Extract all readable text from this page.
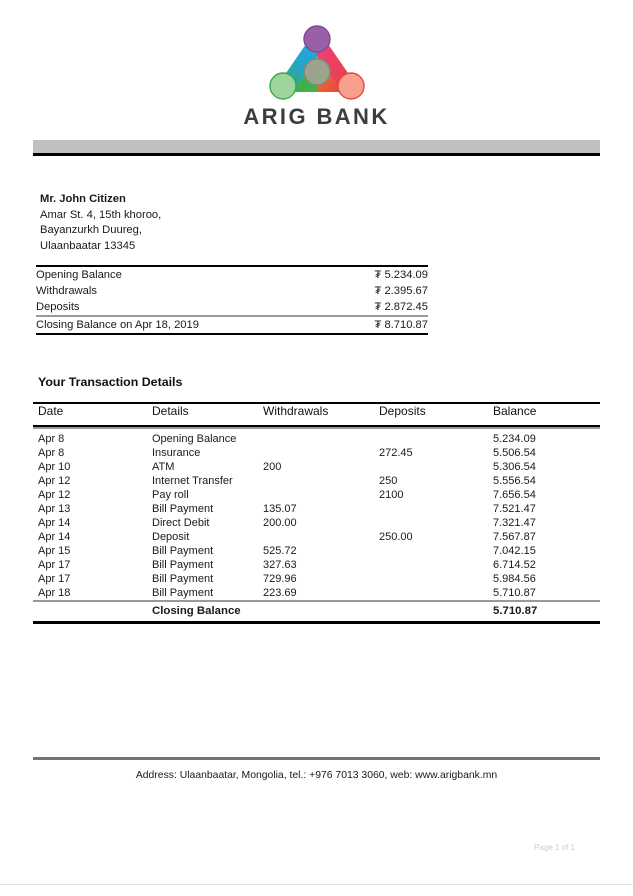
ARIG BANK
Mr. John Citizen
Amar St. 4, 15th khoroo,
Bayanzurkh Duureg,
Ulaanbaatar 13345
Opening Balance	₮ 5.234.09
Withdrawals	₮ 2.395.67
Deposits	₮ 2.872.45
Closing Balance on Apr 18, 2019	₮ 8.710.87
Your Transaction Details
Date	Details	Withdrawals	Deposits	Balance

Apr 8	Opening Balance			5.234.09
Apr 8	Insurance		272.45	5.506.54
Apr 10	ATM	200		5.306.54
Apr 12	Internet Transfer		250	5.556.54
Apr 12	Pay roll		2100	7.656.54
Apr 13	Bill Payment	135.07		7.521.47
Apr 14	Direct Debit	200.00		7.321.47
Apr 14	Deposit		250.00	7.567.87
Apr 15	Bill Payment	525.72		7.042.15
Apr 17	Bill Payment	327.63		6.714.52
Apr 17	Bill Payment	729.96		5.984.56
Apr 18	Bill Payment	223.69		5.710.87
	Closing Balance			5.710.87
Address: Ulaanbaatar, Mongolia, tel.: +976 7013 3060, web: www.arigbank.mn
Page 1 of 1
